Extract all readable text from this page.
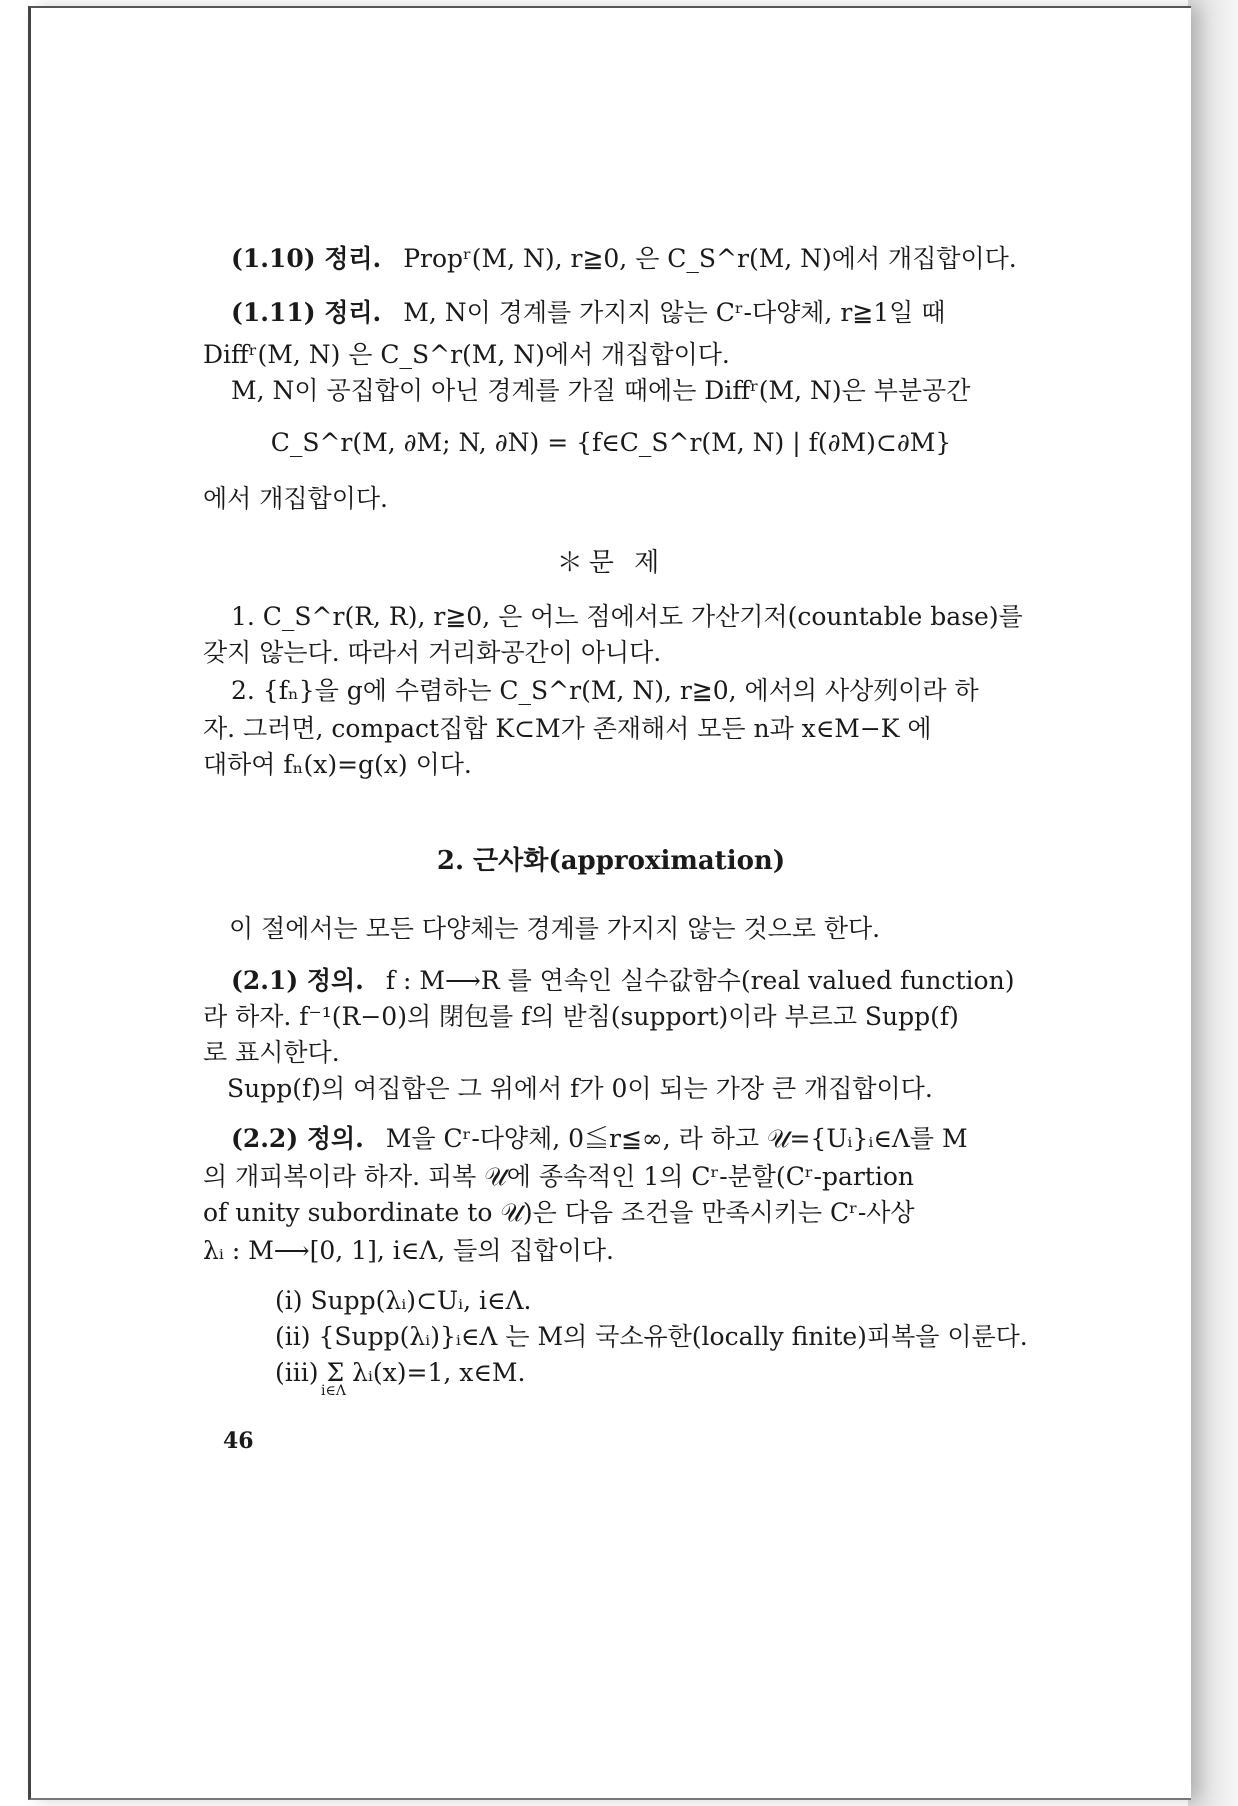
(1.10) 정리. Propʳ(M, N), r≧0, 은 C_S^r(M, N)에서 개집합이다.
(1.11) 정리. M, N이 경계를 가지지 않는 Cʳ-다양체, r≧1일 때
Diffʳ(M, N) 은 C_S^r(M, N)에서 개집합이다.
M, N이 공집합이 아닌 경계를 가질 때에는 Diffʳ(M, N)은 부분공간
C_S^r(M, ∂M; N, ∂N) = {f∈C_S^r(M, N) | f(∂M)⊂∂M}
에서 개집합이다.
＊문 제
1. C_S^r(R, R), r≧0, 은 어느 점에서도 가산기저(countable base)를
갖지 않는다. 따라서 거리화공간이 아니다.
2. {fₙ}을 g에 수렴하는 C_S^r(M, N), r≧0, 에서의 사상列이라 하
자. 그러면, compact집합 K⊂M가 존재해서 모든 n과 x∈M−K 에
대하여 fₙ(x)=g(x) 이다.
2. 근사화(approximation)
이 절에서는 모든 다양체는 경계를 가지지 않는 것으로 한다.
(2.1) 정의. f : M⟶R 를 연속인 실수값함수(real valued function)
라 하자. f⁻¹(R−0)의 閉包를 f의 받침(support)이라 부르고 Supp(f)
로 표시한다.
Supp(f)의 여집합은 그 위에서 f가 0이 되는 가장 큰 개집합이다.
(2.2) 정의. M을 Cʳ-다양체, 0≦r≦∞, 라 하고 𝒰={Uᵢ}ᵢ∈Λ를 M
의 개피복이라 하자. 피복 𝒰에 종속적인 1의 Cʳ-분할(Cʳ-partion
of unity subordinate to 𝒰)은 다음 조건을 만족시키는 Cʳ-사상
λᵢ : M⟶[0, 1], i∈Λ, 들의 집합이다.
(i) Supp(λᵢ)⊂Uᵢ, i∈Λ.
(ii) {Supp(λᵢ)}ᵢ∈Λ 는 M의 국소유한(locally finite)피복을 이룬다.
(iii) Σ λᵢ(x)=1, x∈M.
i∈Λ
46
